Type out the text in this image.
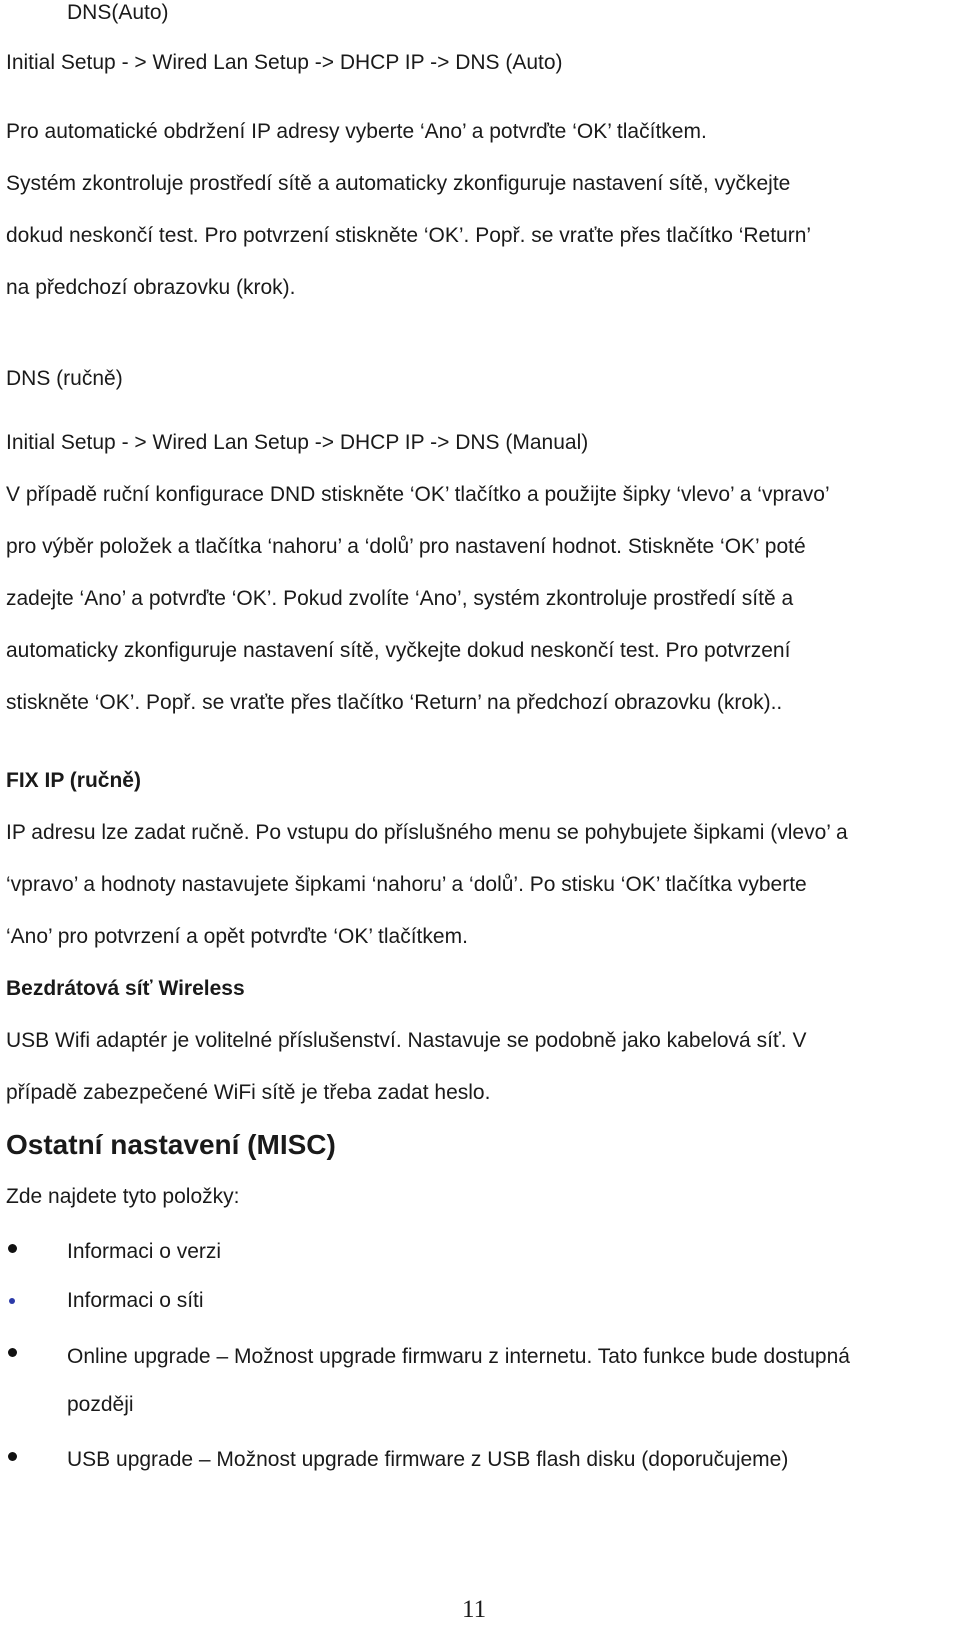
DNS(Auto)
Initial Setup - > Wired Lan Setup -> DHCP IP -> DNS (Auto)
Pro automatické obdržení IP adresy vyberte ‘Ano’ a potvrďte ‘OK’ tlačítkem.
Systém zkontroluje prostředí sítě a automaticky zkonfiguruje nastavení sítě, vyčkejte
dokud neskončí test. Pro potvrzení stiskněte ‘OK’. Popř. se vraťte přes tlačítko ‘Return’
na předchozí obrazovku (krok).
DNS (ručně)
Initial Setup - > Wired Lan Setup -> DHCP IP -> DNS (Manual)
V případě ruční konfigurace DND stiskněte ‘OK’ tlačítko a použijte šipky ‘vlevo’ a ‘vpravo’
pro výběr položek a tlačítka ‘nahoru’ a ‘dolů’ pro nastavení hodnot. Stiskněte ‘OK’ poté
zadejte ‘Ano’ a potvrďte ‘OK’. Pokud zvolíte ‘Ano’, systém zkontroluje prostředí sítě a
automaticky zkonfiguruje nastavení sítě, vyčkejte dokud neskončí test. Pro potvrzení
stiskněte ‘OK’. Popř. se vraťte přes tlačítko ‘Return’ na předchozí obrazovku (krok)..
FIX IP (ručně)
IP adresu lze zadat ručně. Po vstupu do příslušného menu se pohybujete šipkami (vlevo’ a
‘vpravo’ a hodnoty nastavujete šipkami ‘nahoru’ a ‘dolů’. Po stisku ‘OK’ tlačítka vyberte
‘Ano’ pro potvrzení a opět potvrďte ‘OK’ tlačítkem.
Bezdrátová síť Wireless
USB Wifi adaptér je volitelné příslušenství. Nastavuje se podobně jako kabelová síť. V
případě zabezpečené WiFi sítě je třeba zadat heslo.
Ostatní nastavení (MISC)
Zde najdete tyto položky:
Informaci o verzi
Informaci o síti
Online upgrade – Možnost upgrade firmwaru z internetu. Tato funkce bude dostupná
později
USB upgrade – Možnost upgrade firmware z USB flash disku (doporučujeme)
11
